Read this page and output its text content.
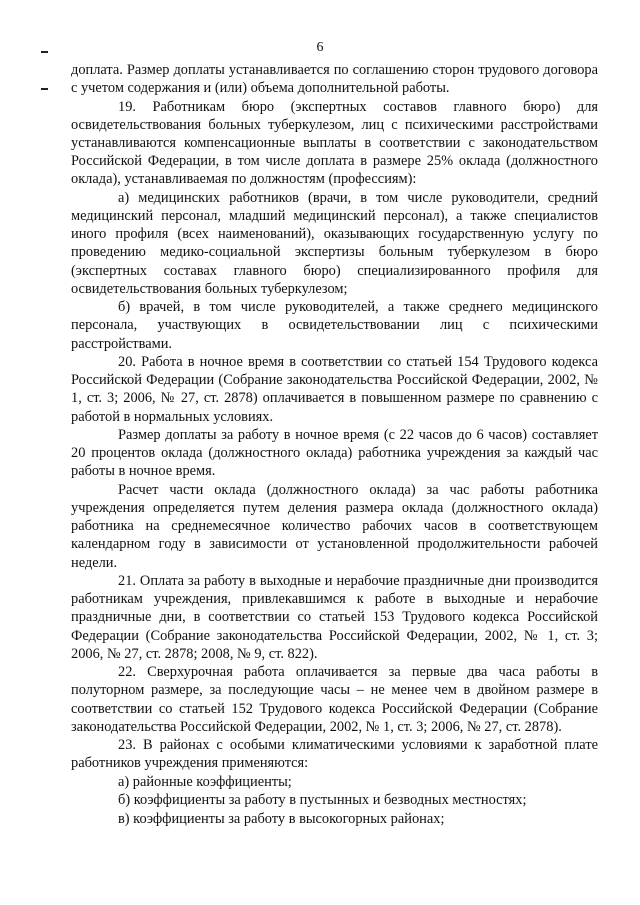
6

доплата. Размер доплаты устанавливается по соглашению сторон трудового договора с учетом содержания и (или) объема дополнительной работы.

19. Работникам бюро (экспертных составов главного бюро) для освидетельствования больных туберкулезом, лиц с психическими расстройствами устанавливаются компенсационные выплаты в соответствии с законодательством Российской Федерации, в том числе доплата в размере 25% оклада (должностного оклада), устанавливаемая по должностям (профессиям):

а) медицинских работников (врачи, в том числе руководители, средний медицинский персонал, младший медицинский персонал), а также специалистов иного профиля (всех наименований), оказывающих государственную услугу по проведению медико-социальной экспертизы больным туберкулезом в бюро (экспертных составах главного бюро) специализированного профиля для освидетельствования больных туберкулезом;

б) врачей, в том числе руководителей, а также среднего медицинского персонала, участвующих в освидетельствовании лиц с психическими расстройствами.

20. Работа в ночное время в соответствии со статьей 154 Трудового кодекса Российской Федерации (Собрание законодательства Российской Федерации, 2002, № 1, ст. 3; 2006, № 27, ст. 2878) оплачивается в повышенном размере по сравнению с работой в нормальных условиях.

Размер доплаты за работу в ночное время (с 22 часов до 6 часов) составляет 20 процентов оклада (должностного оклада) работника учреждения за каждый час работы в ночное время.

Расчет части оклада (должностного оклада) за час работы работника учреждения определяется путем деления размера оклада (должностного оклада) работника на среднемесячное количество рабочих часов в соответствующем календарном году в зависимости от установленной продолжительности рабочей недели.

21. Оплата за работу в выходные и нерабочие праздничные дни производится работникам учреждения, привлекавшимся к работе в выходные и нерабочие праздничные дни, в соответствии со статьей 153 Трудового кодекса Российской Федерации (Собрание законодательства Российской Федерации, 2002, № 1, ст. 3; 2006, № 27, ст. 2878; 2008, № 9, ст. 822).

22. Сверхурочная работа оплачивается за первые два часа работы в полуторном размере, за последующие часы – не менее чем в двойном размере в соответствии со статьей 152 Трудового кодекса Российской Федерации (Собрание законодательства Российской Федерации, 2002, № 1, ст. 3; 2006, № 27, ст. 2878).

23. В районах с особыми климатическими условиями к заработной плате работников учреждения применяются:

а) районные коэффициенты;

б) коэффициенты за работу в пустынных и безводных местностях;

в) коэффициенты за работу в высокогорных районах;
